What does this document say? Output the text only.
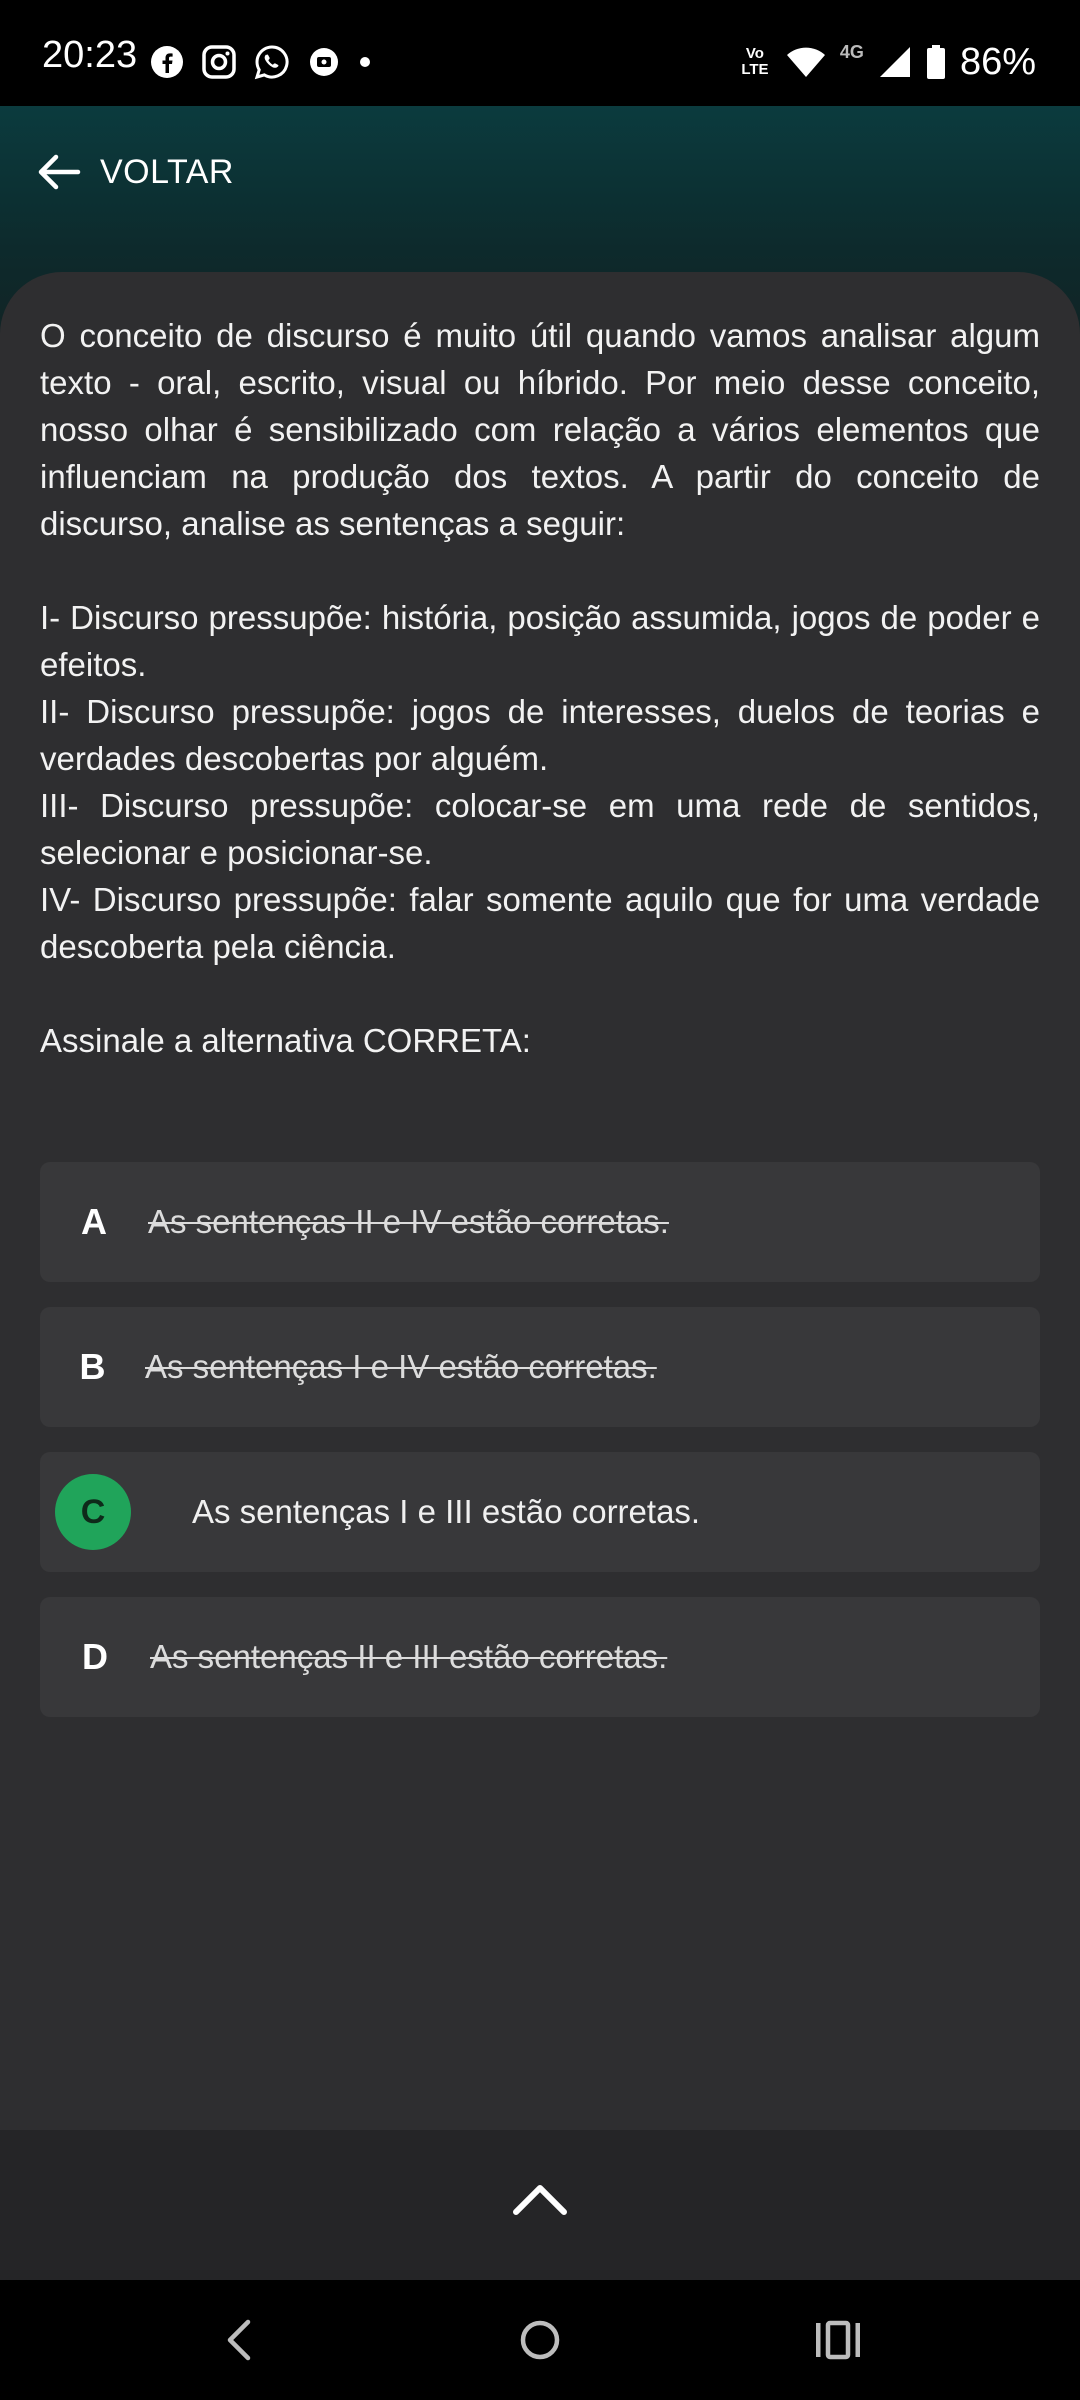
20:23	Vo LTE
4G	86%
VOLTAR

O conceito de discurso é muito útil quando vamos analisar algum texto - oral, escrito, visual ou híbrido. Por meio desse conceito, nosso olhar é sensibilizado com relação a vários elementos que influenciam na produção dos textos. A partir do conceito de discurso, analise as sentenças a seguir:

I- Discurso pressupõe: história, posição assumida, jogos de poder e efeitos.

II- Discurso pressupõe: jogos de interesses, duelos de teorias e verdades descobertas por alguém.

III- Discurso pressupõe: colocar-se em uma rede de sentidos, selecionar e posicionar-se.

IV- Discurso pressupõe: falar somente aquilo que for uma verdade descoberta pela ciência.

Assinale a alternativa CORRETA:

A	As sentenças II e IV estão corretas.
B	As sentenças I e IV estão corretas.
C	As sentenças I e III estão corretas.
D	As sentenças II e III estão corretas.
